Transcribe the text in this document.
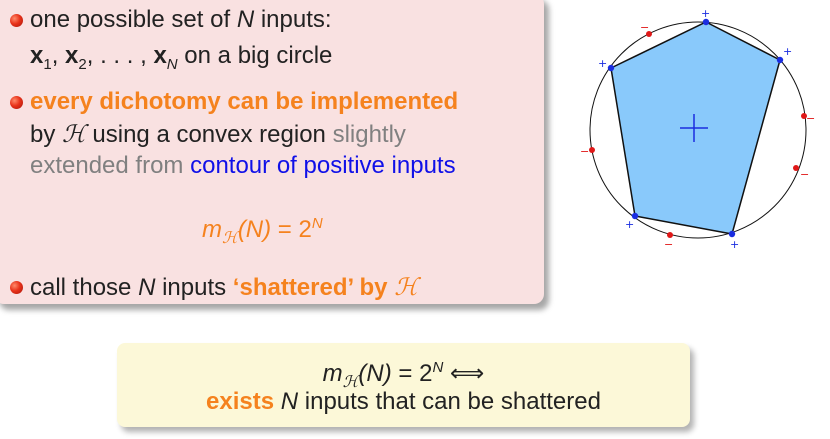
one possible set of N inputs:
$x_1$, $x_2$, . . . , $x_N$ on a big circle
every dichotomy can be implemented
by ℋ using a convex region slightly
extended from contour of positive inputs
$m_ℋ(N) = 2^N$
call those N inputs ‘shattered’ by ℋ
+
+
+
+
+
−
−
−
−
−
$m_ℋ(N) = 2^N$ ⟺
exists N inputs that can be shattered
